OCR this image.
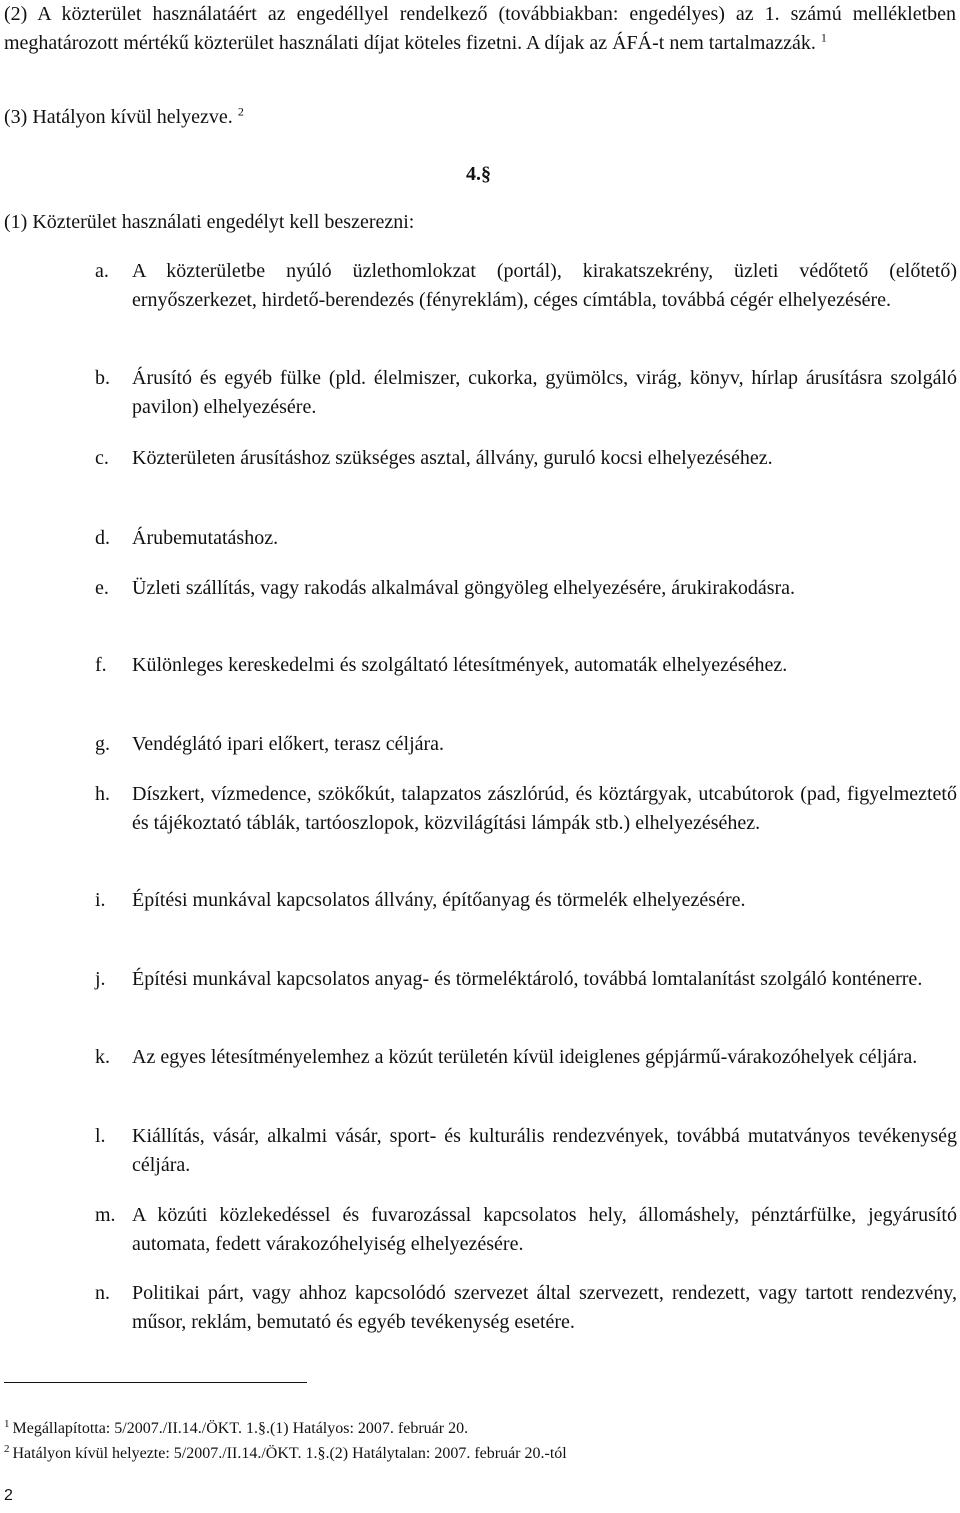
(2) A közterület használatáért az engedéllyel rendelkező (továbbiakban: engedélyes) az 1. számú mellékletben meghatározott mértékű közterület használati díjat köteles fizetni. A díjak az ÁFÁ-t nem tartalmazzák. $^1$

(3) Hatályon kívül helyezve. $^2$

4.§

(1) Közterület használati engedélyt kell beszerezni:

a.	A közterületbe nyúló üzlethomlokzat (portál), kirakatszekrény, üzleti védőtető (előtető) ernyőszerkezet, hirdető-berendezés (fényreklám), céges címtábla, továbbá cégér elhelyezésére.
b.	Árusító és egyéb fülke (pld. élelmiszer, cukorka, gyümölcs, virág, könyv, hírlap árusításra szolgáló pavilon) elhelyezésére.
c.	Közterületen árusításhoz szükséges asztal, állvány, guruló kocsi elhelyezéséhez.
d.	Árubemutatáshoz.
e.	Üzleti szállítás, vagy rakodás alkalmával göngyöleg elhelyezésére, árukirakodásra.
f.	Különleges kereskedelmi és szolgáltató létesítmények, automaták elhelyezéséhez.
g.	Vendéglátó ipari előkert, terasz céljára.
h.	Díszkert, vízmedence, szökőkút, talapzatos zászlórúd, és köztárgyak, utcabútorok (pad, figyelmeztető és tájékoztató táblák, tartóoszlopok, közvilágítási lámpák stb.) elhelyezéséhez.
i.	Építési munkával kapcsolatos állvány, építőanyag és törmelék elhelyezésére.
j.	Építési munkával kapcsolatos anyag- és törmeléktároló, továbbá lomtalanítást szolgáló konténerre.
k.	Az egyes létesítményelemhez a közút területén kívül ideiglenes gépjármű-várakozóhelyek céljára.
l.	Kiállítás, vásár, alkalmi vásár, sport- és kulturális rendezvények, továbbá mutatványos tevékenység céljára.
m. A közúti közlekedéssel és fuvarozással kapcsolatos hely, állomáshely, pénztárfülke, jegyárusító automata, fedett várakozóhelyiség elhelyezésére.
n.	Politikai párt, vagy ahhoz kapcsolódó szervezet által szervezett, rendezett, vagy tartott rendezvény, műsor, reklám, bemutató és egyéb tevékenység esetére.

$^1$ Megállapította: 5/2007./II.14./ÖKT. 1.§.(1) Hatályos: 2007. február 20.

$^2$ Hatályon kívül helyezte: 5/2007./II.14./ÖKT. 1.§.(2) Hatálytalan: 2007. február 20.-tól

2
